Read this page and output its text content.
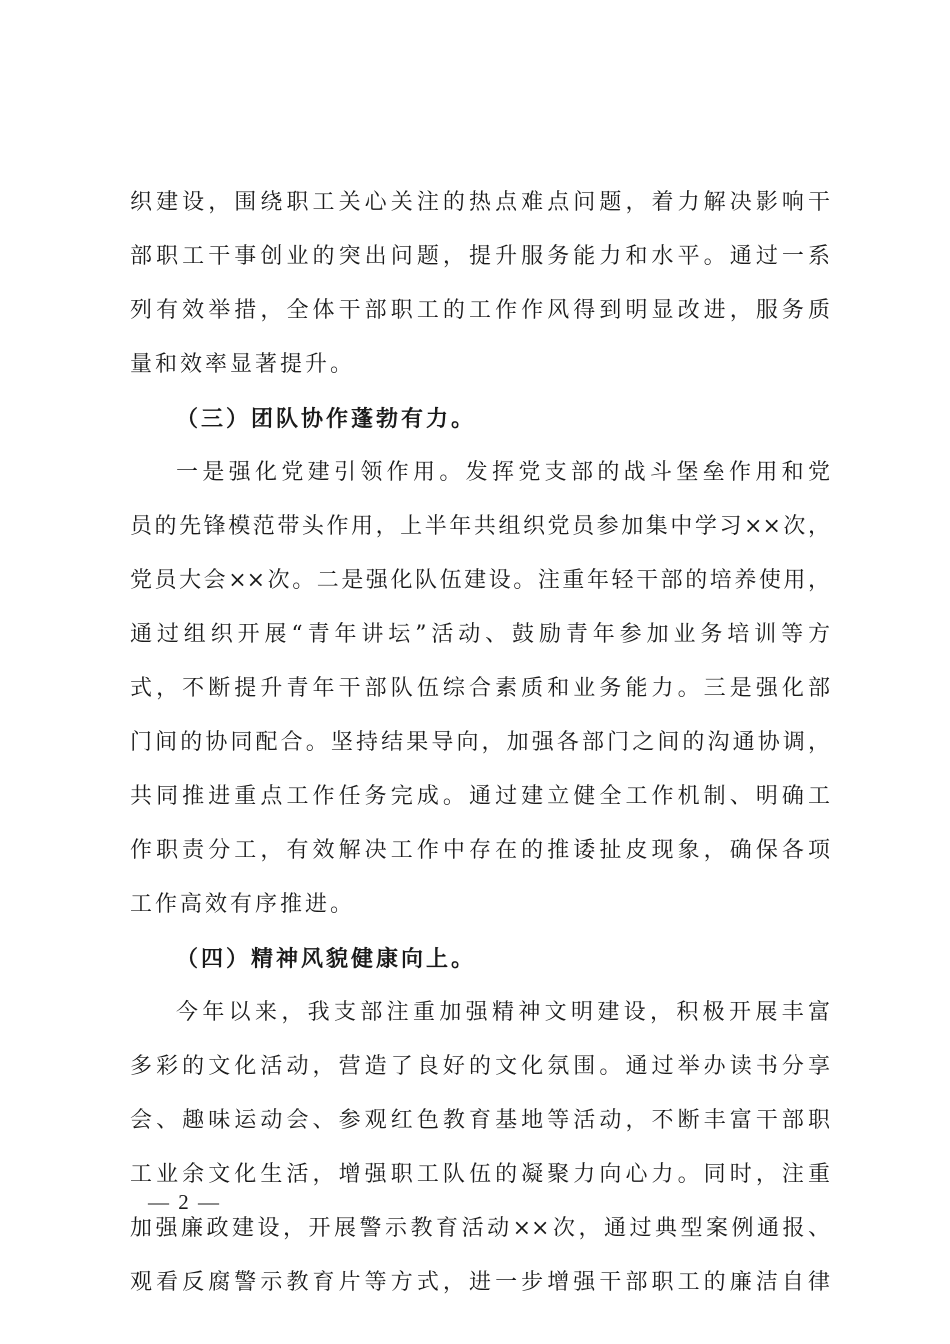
织建设，围绕职工关心关注的热点难点问题，着力解决影响干
部职工干事创业的突出问题，提升服务能力和水平。通过一系
列有效举措，全体干部职工的工作作风得到明显改进，服务质
量和效率显著提升。
（三）团队协作蓬勃有力。
一是强化党建引领作用。发挥党支部的战斗堡垒作用和党
员的先锋模范带头作用，上半年共组织党员参加集中学习××次，
党员大会××次。二是强化队伍建设。注重年轻干部的培养使用，
通过组织开展“青年讲坛”活动、鼓励青年参加业务培训等方
式，不断提升青年干部队伍综合素质和业务能力。三是强化部
门间的协同配合。坚持结果导向，加强各部门之间的沟通协调，
共同推进重点工作任务完成。通过建立健全工作机制、明确工
作职责分工，有效解决工作中存在的推诿扯皮现象，确保各项
工作高效有序推进。
（四）精神风貌健康向上。
今年以来，我支部注重加强精神文明建设，积极开展丰富
多彩的文化活动，营造了良好的文化氛围。通过举办读书分享
会、趣味运动会、参观红色教育基地等活动，不断丰富干部职
工业余文化生活，增强职工队伍的凝聚力向心力。同时，注重
加强廉政建设，开展警示教育活动××次，通过典型案例通报、
观看反腐警示教育片等方式，进一步增强干部职工的廉洁自律
— 2 —
